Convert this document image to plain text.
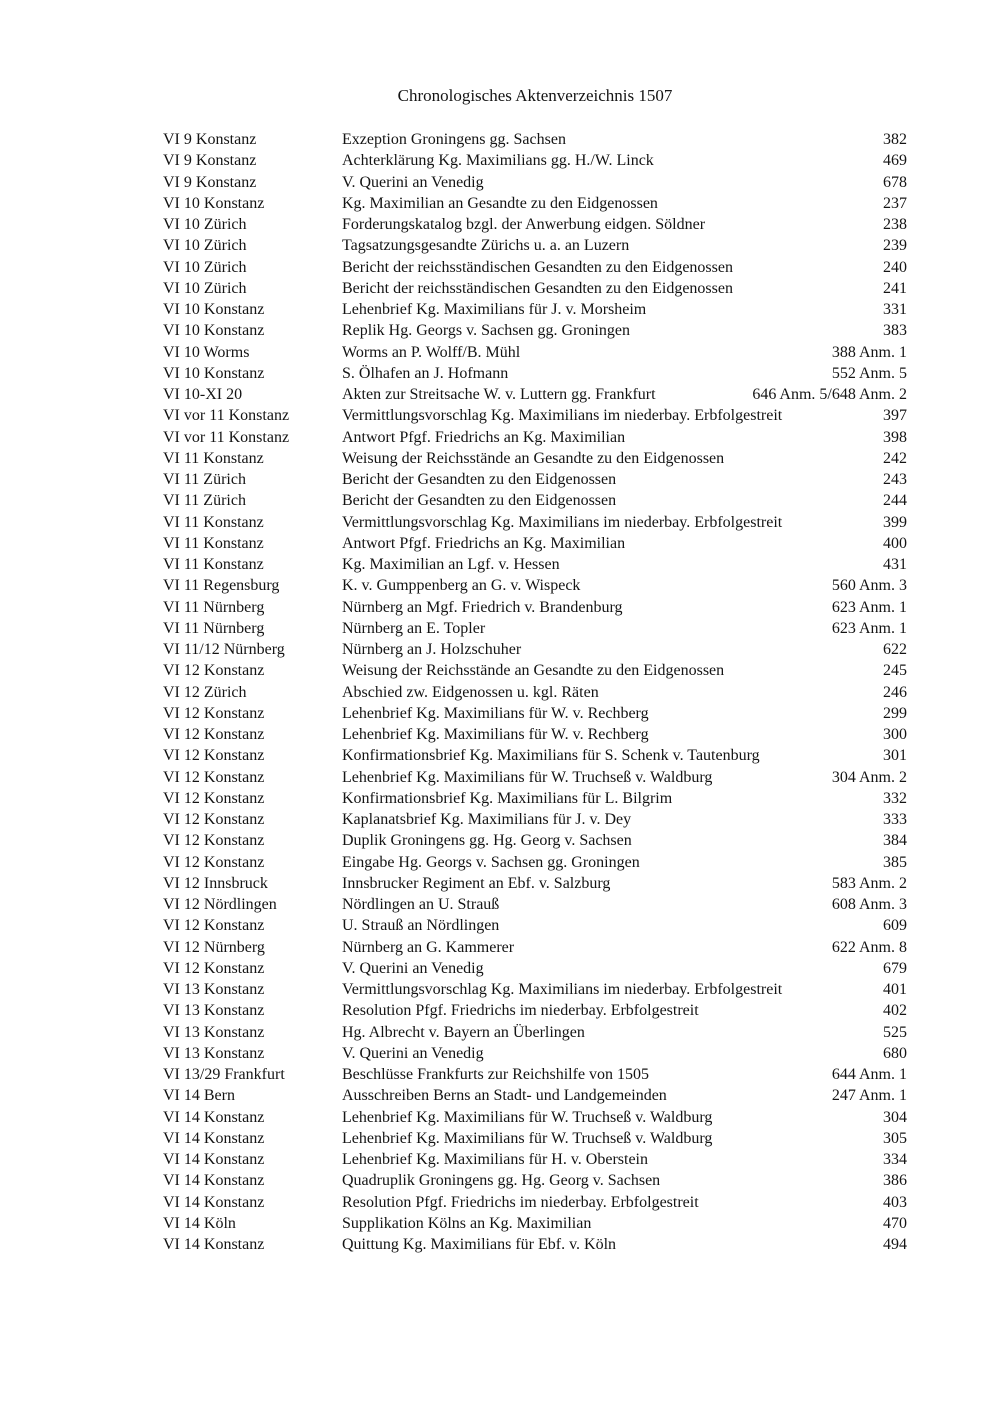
Chronologisches Aktenverzeichnis 1507
VI 9 Konstanz	Exzeption Groningens gg. Sachsen	382
VI 9 Konstanz	Achterklärung Kg. Maximilians gg. H./W. Linck	469
VI 9 Konstanz	V. Querini an Venedig	678
VI 10 Konstanz	Kg. Maximilian an Gesandte zu den Eidgenossen	237
VI 10 Zürich	Forderungskatalog bzgl. der Anwerbung eidgen. Söldner	238
VI 10 Zürich	Tagsatzungsgesandte Zürichs u. a. an Luzern	239
VI 10 Zürich	Bericht der reichsständischen Gesandten zu den Eidgenossen	240
VI 10 Zürich	Bericht der reichsständischen Gesandten zu den Eidgenossen	241
VI 10 Konstanz	Lehenbrief Kg. Maximilians für J. v. Morsheim	331
VI 10 Konstanz	Replik Hg. Georgs v. Sachsen gg. Groningen	383
VI 10 Worms	Worms an P. Wolff/B. Mühl	388 Anm. 1
VI 10 Konstanz	S. Ölhafen an J. Hofmann	552 Anm. 5
VI 10-XI 20	Akten zur Streitsache W. v. Luttern gg. Frankfurt	646 Anm. 5/648 Anm. 2
VI vor 11 Konstanz	Vermittlungsvorschlag Kg. Maximilians im niederbay. Erbfolgestreit	397
VI vor 11 Konstanz	Antwort Pfgf. Friedrichs an Kg. Maximilian	398
VI 11 Konstanz	Weisung der Reichsstände an Gesandte zu den Eidgenossen	242
VI 11 Zürich	Bericht der Gesandten zu den Eidgenossen	243
VI 11 Zürich	Bericht der Gesandten zu den Eidgenossen	244
VI 11 Konstanz	Vermittlungsvorschlag Kg. Maximilians im niederbay. Erbfolgestreit	399
VI 11 Konstanz	Antwort Pfgf. Friedrichs an Kg. Maximilian	400
VI 11 Konstanz	Kg. Maximilian an Lgf. v. Hessen	431
VI 11 Regensburg	K. v. Gumppenberg an G. v. Wispeck	560 Anm. 3
VI 11 Nürnberg	Nürnberg an Mgf. Friedrich v. Brandenburg	623 Anm. 1
VI 11 Nürnberg	Nürnberg an E. Topler	623 Anm. 1
VI 11/12 Nürnberg	Nürnberg an J. Holzschuher	622
VI 12 Konstanz	Weisung der Reichsstände an Gesandte zu den Eidgenossen	245
VI 12 Zürich	Abschied zw. Eidgenossen u. kgl. Räten	246
VI 12 Konstanz	Lehenbrief Kg. Maximilians für W. v. Rechberg	299
VI 12 Konstanz	Lehenbrief Kg. Maximilians für W. v. Rechberg	300
VI 12 Konstanz	Konfirmationsbrief Kg. Maximilians für S. Schenk v. Tautenburg	301
VI 12 Konstanz	Lehenbrief Kg. Maximilians für W. Truchseß v. Waldburg	304 Anm. 2
VI 12 Konstanz	Konfirmationsbrief Kg. Maximilians für L. Bilgrim	332
VI 12 Konstanz	Kaplanatsbrief Kg. Maximilians für J. v. Dey	333
VI 12 Konstanz	Duplik Groningens gg. Hg. Georg v. Sachsen	384
VI 12 Konstanz	Eingabe Hg. Georgs v. Sachsen gg. Groningen	385
VI 12 Innsbruck	Innsbrucker Regiment an Ebf. v. Salzburg	583 Anm. 2
VI 12 Nördlingen	Nördlingen an U. Strauß	608 Anm. 3
VI 12 Konstanz	U. Strauß an Nördlingen	609
VI 12 Nürnberg	Nürnberg an G. Kammerer	622 Anm. 8
VI 12 Konstanz	V. Querini an Venedig	679
VI 13 Konstanz	Vermittlungsvorschlag Kg. Maximilians im niederbay. Erbfolgestreit	401
VI 13 Konstanz	Resolution Pfgf. Friedrichs im niederbay. Erbfolgestreit	402
VI 13 Konstanz	Hg. Albrecht v. Bayern an Überlingen	525
VI 13 Konstanz	V. Querini an Venedig	680
VI 13/29 Frankfurt	Beschlüsse Frankfurts zur Reichshilfe von 1505	644 Anm. 1
VI 14 Bern	Ausschreiben Berns an Stadt- und Landgemeinden	247 Anm. 1
VI 14 Konstanz	Lehenbrief Kg. Maximilians für W. Truchseß v. Waldburg	304
VI 14 Konstanz	Lehenbrief Kg. Maximilians für W. Truchseß v. Waldburg	305
VI 14 Konstanz	Lehenbrief Kg. Maximilians für H. v. Oberstein	334
VI 14 Konstanz	Quadruplik Groningens gg. Hg. Georg v. Sachsen	386
VI 14 Konstanz	Resolution Pfgf. Friedrichs im niederbay. Erbfolgestreit	403
VI 14 Köln	Supplikation Kölns an Kg. Maximilian	470
VI 14 Konstanz	Quittung Kg. Maximilians für Ebf. v. Köln	494
